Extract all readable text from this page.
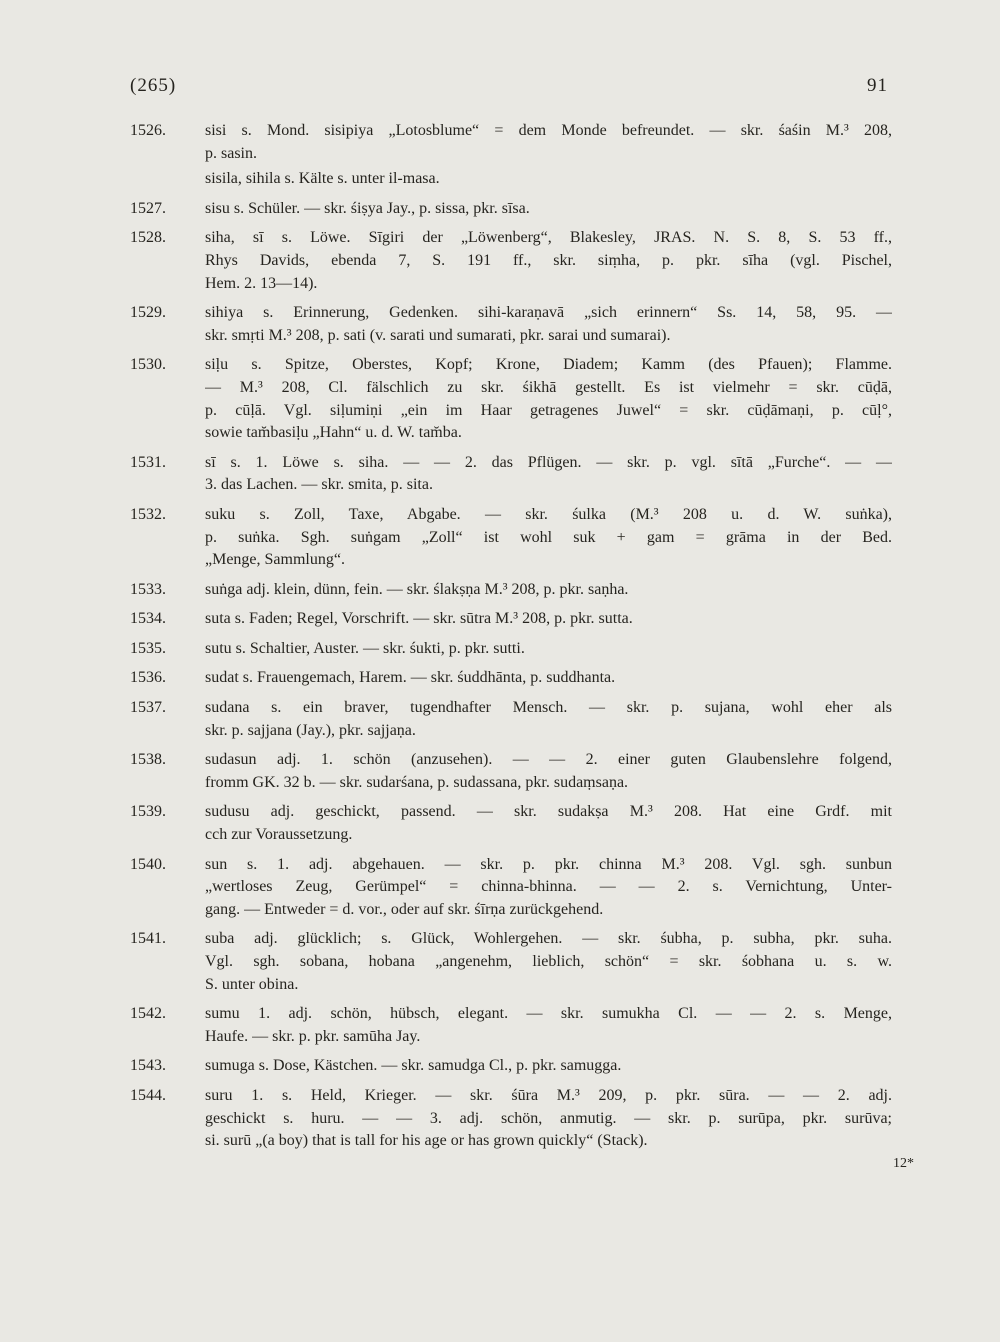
(265)	91
1526. sisi s. Mond. sisipiya „Lotosblume“ = dem Monde befreundet. — skr. śaśin M.³ 208,
p. sasin.
sisila, sihila s. Kälte s. unter il-masa.
1527. sisu s. Schüler. — skr. śiṣya Jay., p. sissa, pkr. sīsa.
1528. siha, sī s. Löwe. Sīgiri der „Löwenberg“, Blakesley, JRAS. N. S. 8, S. 53 ff.,
Rhys Davids, ebenda 7, S. 191 ff., skr. siṃha, p. pkr. sīha (vgl. Pischel,
Hem. 2. 13—14).
1529. sihiya s. Erinnerung, Gedenken. sihi-karaṇavā „sich erinnern“ Ss. 14, 58, 95. —
skr. smṛti M.³ 208, p. sati (v. sarati und sumarati, pkr. sarai und sumarai).
1530. siḷu s. Spitze, Oberstes, Kopf; Krone, Diadem; Kamm (des Pfauen); Flamme.
— M.³ 208, Cl. fälschlich zu skr. śikhā gestellt. Es ist vielmehr = skr. cūḍā,
p. cūḷā. Vgl. siḷumiṇi „ein im Haar getragenes Juwel“ = skr. cūḍāmaṇi, p. cūḷ°,
sowie tam̆basiḷu „Hahn“ u. d. W. tam̆ba.
1531. sī s. 1. Löwe s. siha. — — 2. das Pflügen. — skr. p. vgl. sītā „Furche“. — —
3. das Lachen. — skr. smita, p. sita.
1532. suku s. Zoll, Taxe, Abgabe. — skr. śulka (M.³ 208 u. d. W. suṅka),
p. suṅka. Sgh. suṅgam „Zoll“ ist wohl suk + gam = grāma in der Bed.
„Menge, Sammlung“.
1533. suṅga adj. klein, dünn, fein. — skr. ślakṣṇa M.³ 208, p. pkr. saṇha.
1534. suta s. Faden; Regel, Vorschrift. — skr. sūtra M.³ 208, p. pkr. sutta.
1535. sutu s. Schaltier, Auster. — skr. śukti, p. pkr. sutti.
1536. sudat s. Frauengemach, Harem. — skr. śuddhānta, p. suddhanta.
1537. sudana s. ein braver, tugendhafter Mensch. — skr. p. sujana, wohl eher als
skr. p. sajjana (Jay.), pkr. sajjaṇa.
1538. sudasun adj. 1. schön (anzusehen). — — 2. einer guten Glaubenslehre folgend,
fromm GK. 32 b. — skr. sudarśana, p. sudassana, pkr. sudaṃsaṇa.
1539. sudusu adj. geschickt, passend. — skr. sudakṣa M.³ 208. Hat eine Grdf. mit
cch zur Voraussetzung.
1540. sun s. 1. adj. abgehauen. — skr. p. pkr. chinna M.³ 208. Vgl. sgh. sunbun
„wertloses Zeug, Gerümpel“ = chinna-bhinna. — — 2. s. Vernichtung, Unter-
gang. — Entweder = d. vor., oder auf skr. śīrṇa zurückgehend.
1541. suba adj. glücklich; s. Glück, Wohlergehen. — skr. śubha, p. subha, pkr. suha.
Vgl. sgh. sobana, hobana „angenehm, lieblich, schön“ = skr. śobhana u. s. w.
S. unter obina.
1542. sumu 1. adj. schön, hübsch, elegant. — skr. sumukha Cl. — — 2. s. Menge,
Haufe. — skr. p. pkr. samūha Jay.
1543. sumuga s. Dose, Kästchen. — skr. samudga Cl., p. pkr. samugga.
1544. suru 1. s. Held, Krieger. — skr. śūra M.³ 209, p. pkr. sūra. — — 2. adj.
geschickt s. huru. — — 3. adj. schön, anmutig. — skr. p. surūpa, pkr. surūva;
si. surū „(a boy) that is tall for his age or has grown quickly“ (Stack).
12*
